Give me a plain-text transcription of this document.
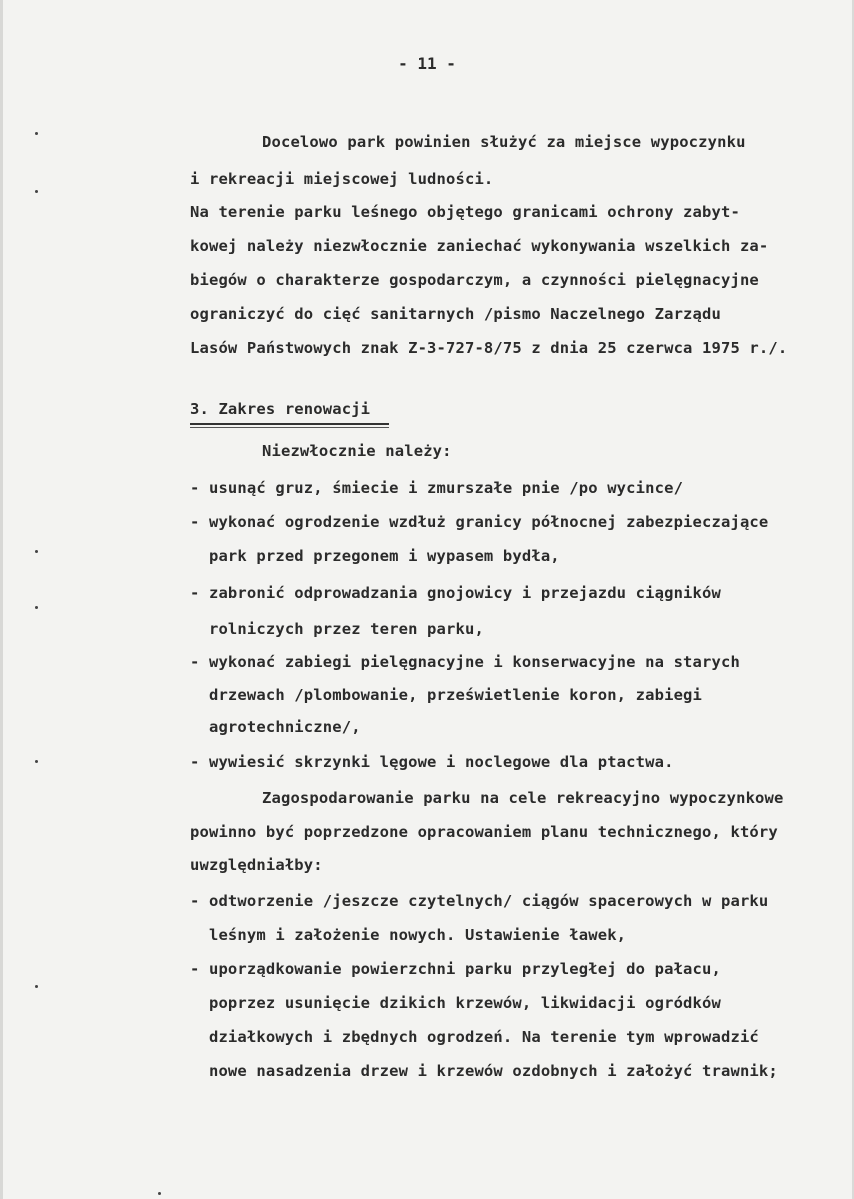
- 11 -
Docelowo park powinien służyć za miejsce wypoczynku
i rekreacji miejscowej ludności.
Na terenie parku leśnego objętego granicami ochrony zabyt-
kowej należy niezwłocznie zaniechać wykonywania wszelkich za-
biegów o charakterze gospodarczym, a czynności pielęgnacyjne
ograniczyć do cięć sanitarnych /pismo Naczelnego Zarządu
Lasów Państwowych znak Z-3-727-8/75 z dnia 25 czerwca 1975 r./.
3. Zakres renowacji
Niezwłocznie należy:
- usunąć gruz, śmiecie i zmurszałe pnie /po wycince/
- wykonać ogrodzenie wzdłuż granicy północnej zabezpieczające
park przed przegonem i wypasem bydła,
- zabronić odprowadzania gnojowicy i przejazdu ciągników
rolniczych przez teren parku,
- wykonać zabiegi pielęgnacyjne i konserwacyjne na starych
drzewach /plombowanie, prześwietlenie koron, zabiegi
agrotechniczne/,
- wywiesić skrzynki lęgowe i noclegowe dla ptactwa.
Zagospodarowanie parku na cele rekreacyjno wypoczynkowe
powinno być poprzedzone opracowaniem planu technicznego, który
uwzględniałby:
- odtworzenie /jeszcze czytelnych/ ciągów spacerowych w parku
leśnym i założenie nowych. Ustawienie ławek,
- uporządkowanie powierzchni parku przyległej do pałacu,
poprzez usunięcie dzikich krzewów, likwidacji ogródków
działkowych i zbędnych ogrodzeń. Na terenie tym wprowadzić
nowe nasadzenia drzew i krzewów ozdobnych i założyć trawnik;
